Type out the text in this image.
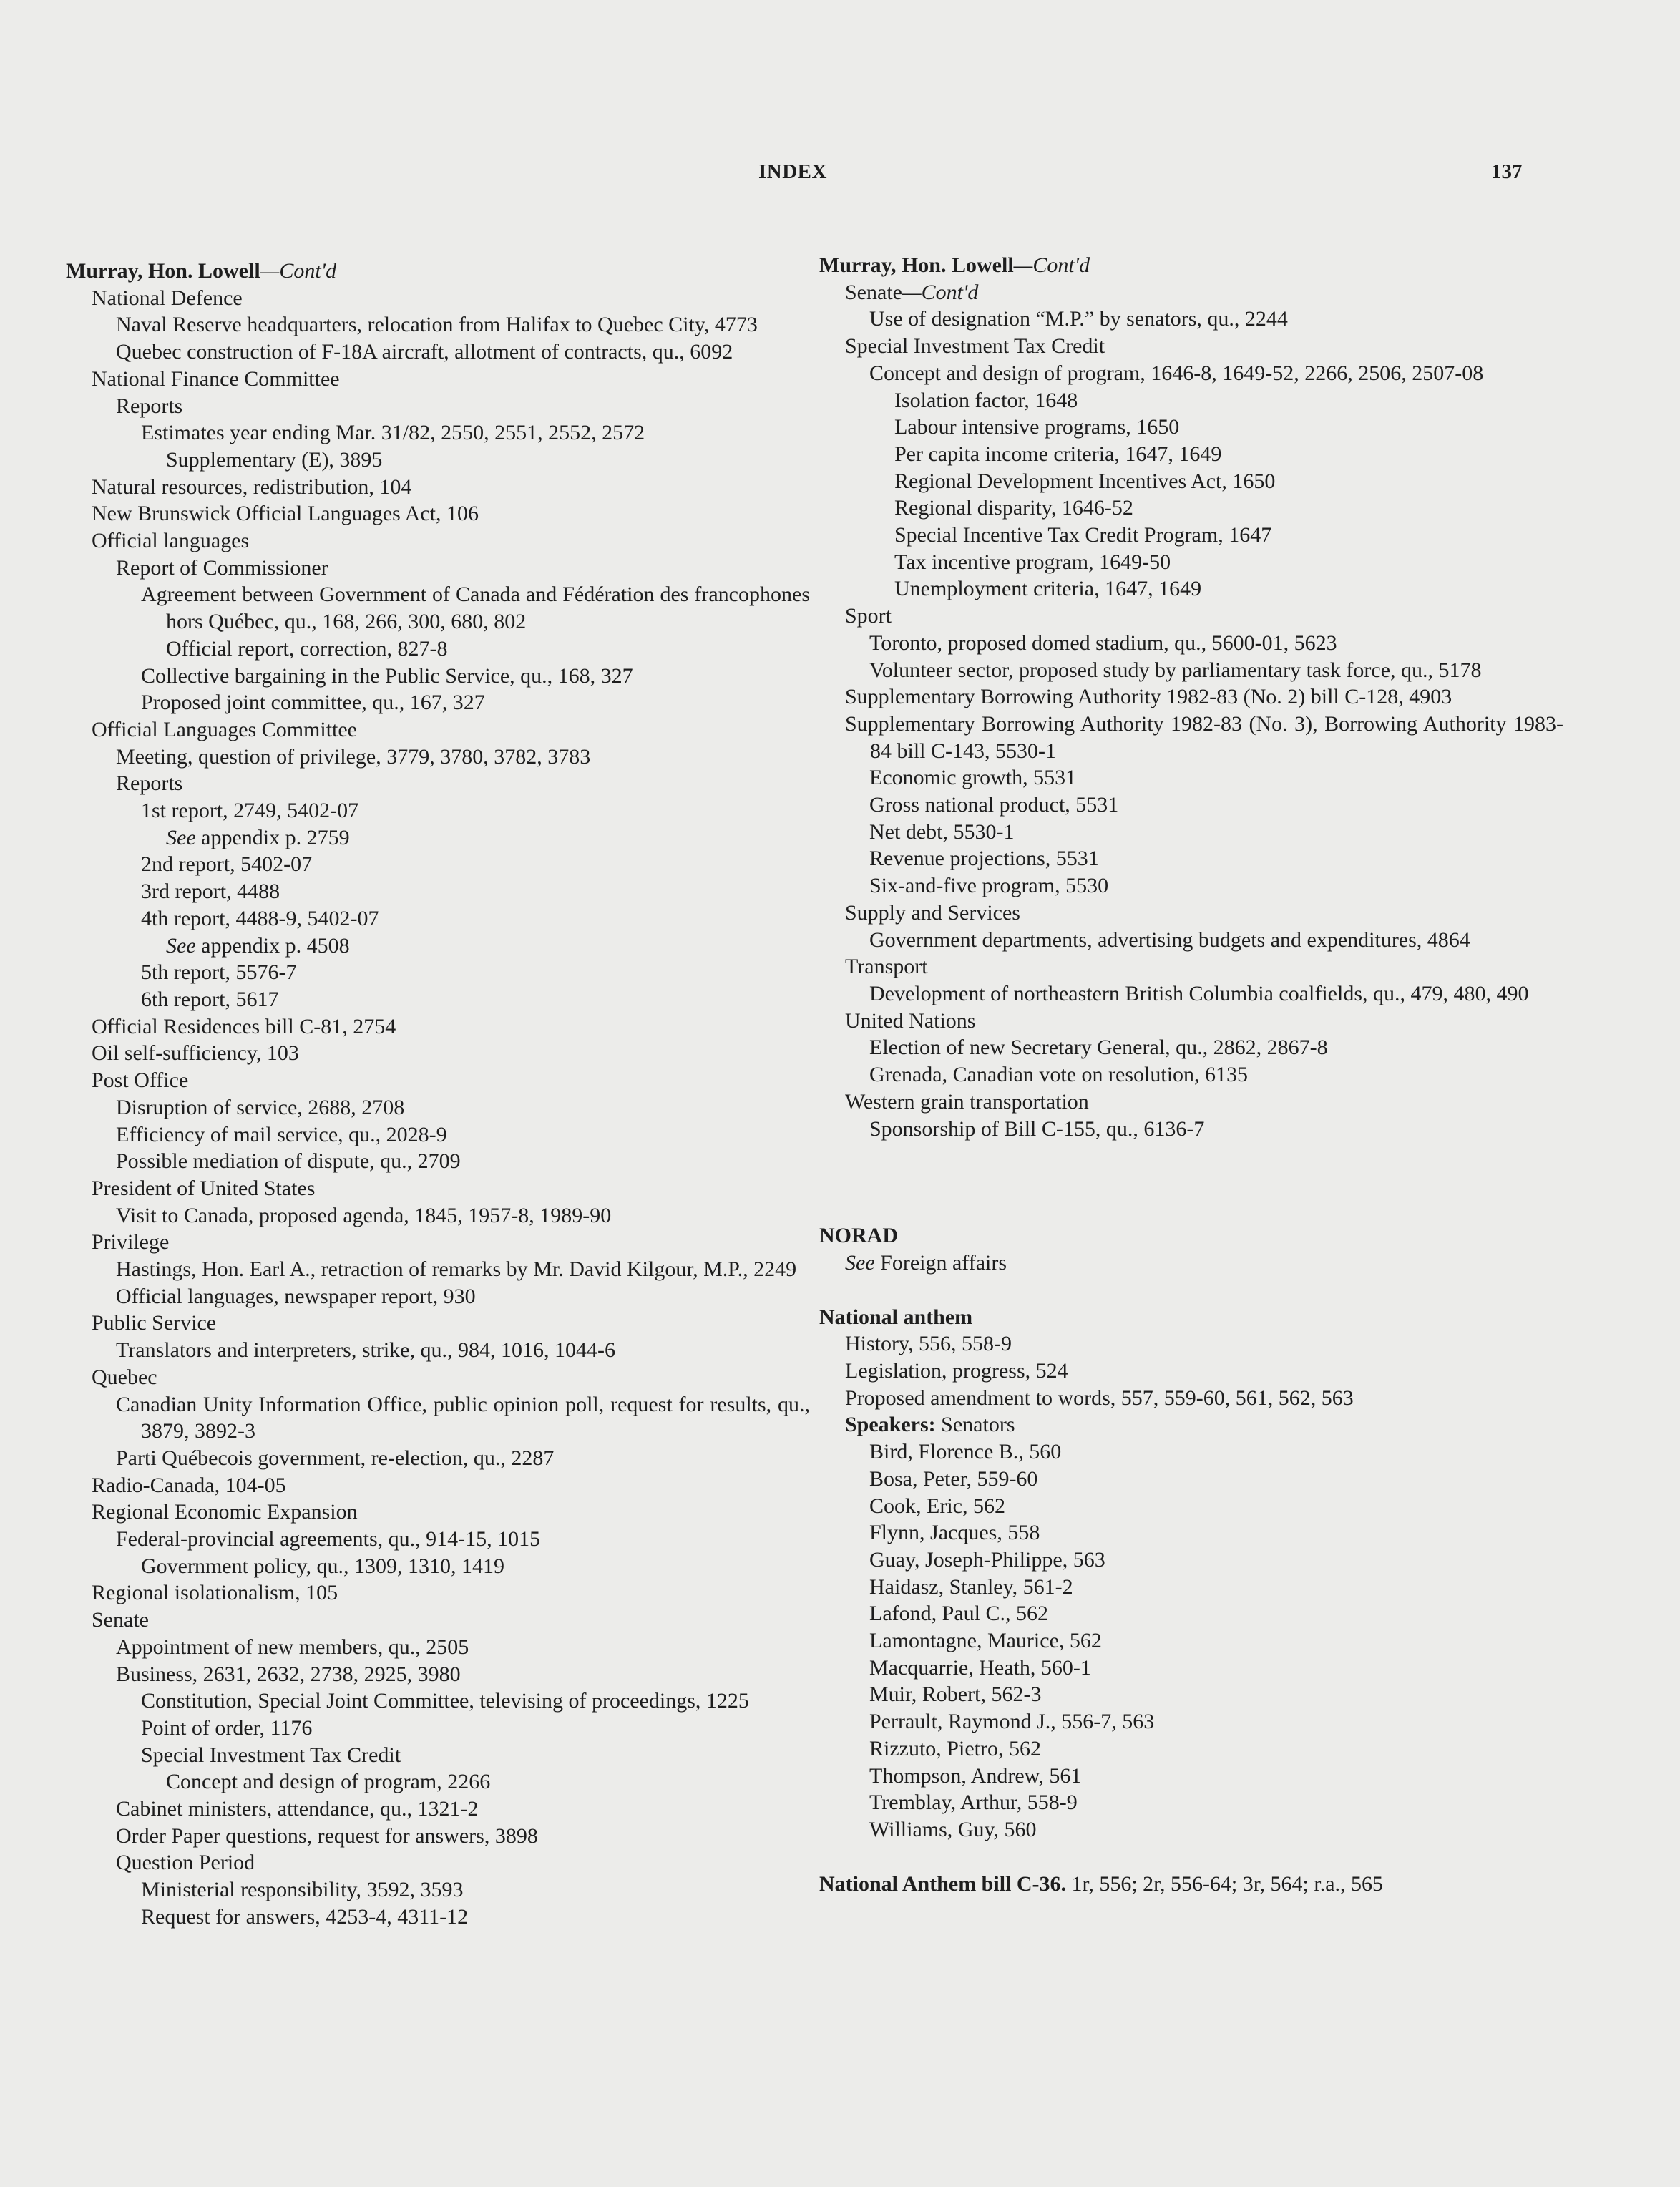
INDEX	137
Murray, Hon. Lowell—Cont'd
National Defence
Naval Reserve headquarters, relocation from Halifax to Quebec City, 4773
Quebec construction of F-18A aircraft, allotment of contracts, qu., 6092
National Finance Committee
Reports
Estimates year ending Mar. 31/82, 2550, 2551, 2552, 2572
Supplementary (E), 3895
Natural resources, redistribution, 104
New Brunswick Official Languages Act, 106
Official languages
Report of Commissioner
Agreement between Government of Canada and Fédération des francophones hors Québec, qu., 168, 266, 300, 680, 802
Official report, correction, 827-8
Collective bargaining in the Public Service, qu., 168, 327
Proposed joint committee, qu., 167, 327
Official Languages Committee
Meeting, question of privilege, 3779, 3780, 3782, 3783
Reports
1st report, 2749, 5402-07
See appendix p. 2759
2nd report, 5402-07
3rd report, 4488
4th report, 4488-9, 5402-07
See appendix p. 4508
5th report, 5576-7
6th report, 5617
Official Residences bill C-81, 2754
Oil self-sufficiency, 103
Post Office
Disruption of service, 2688, 2708
Efficiency of mail service, qu., 2028-9
Possible mediation of dispute, qu., 2709
President of United States
Visit to Canada, proposed agenda, 1845, 1957-8, 1989-90
Privilege
Hastings, Hon. Earl A., retraction of remarks by Mr. David Kilgour, M.P., 2249
Official languages, newspaper report, 930
Public Service
Translators and interpreters, strike, qu., 984, 1016, 1044-6
Quebec
Canadian Unity Information Office, public opinion poll, request for results, qu., 3879, 3892-3
Parti Québecois government, re-election, qu., 2287
Radio-Canada, 104-05
Regional Economic Expansion
Federal-provincial agreements, qu., 914-15, 1015
Government policy, qu., 1309, 1310, 1419
Regional isolationalism, 105
Senate
Appointment of new members, qu., 2505
Business, 2631, 2632, 2738, 2925, 3980
Constitution, Special Joint Committee, televising of proceedings, 1225
Point of order, 1176
Special Investment Tax Credit
Concept and design of program, 2266
Cabinet ministers, attendance, qu., 1321-2
Order Paper questions, request for answers, 3898
Question Period
Ministerial responsibility, 3592, 3593
Request for answers, 4253-4, 4311-12
Murray, Hon. Lowell—Cont'd
Senate—Cont'd
Use of designation “M.P.” by senators, qu., 2244
Special Investment Tax Credit
Concept and design of program, 1646-8, 1649-52, 2266, 2506, 2507-08
Isolation factor, 1648
Labour intensive programs, 1650
Per capita income criteria, 1647, 1649
Regional Development Incentives Act, 1650
Regional disparity, 1646-52
Special Incentive Tax Credit Program, 1647
Tax incentive program, 1649-50
Unemployment criteria, 1647, 1649
Sport
Toronto, proposed domed stadium, qu., 5600-01, 5623
Volunteer sector, proposed study by parliamentary task force, qu., 5178
Supplementary Borrowing Authority 1982-83 (No. 2) bill C-128, 4903
Supplementary Borrowing Authority 1982-83 (No. 3), Borrowing Authority 1983-84 bill C-143, 5530-1
Economic growth, 5531
Gross national product, 5531
Net debt, 5530-1
Revenue projections, 5531
Six-and-five program, 5530
Supply and Services
Government departments, advertising budgets and expenditures, 4864
Transport
Development of northeastern British Columbia coalfields, qu., 479, 480, 490
United Nations
Election of new Secretary General, qu., 2862, 2867-8
Grenada, Canadian vote on resolution, 6135
Western grain transportation
Sponsorship of Bill C-155, qu., 6136-7
NORAD
See Foreign affairs
National anthem
History, 556, 558-9
Legislation, progress, 524
Proposed amendment to words, 557, 559-60, 561, 562, 563
Speakers: Senators
Bird, Florence B., 560
Bosa, Peter, 559-60
Cook, Eric, 562
Flynn, Jacques, 558
Guay, Joseph-Philippe, 563
Haidasz, Stanley, 561-2
Lafond, Paul C., 562
Lamontagne, Maurice, 562
Macquarrie, Heath, 560-1
Muir, Robert, 562-3
Perrault, Raymond J., 556-7, 563
Rizzuto, Pietro, 562
Thompson, Andrew, 561
Tremblay, Arthur, 558-9
Williams, Guy, 560
National Anthem bill C-36. 1r, 556; 2r, 556-64; 3r, 564; r.a., 565
